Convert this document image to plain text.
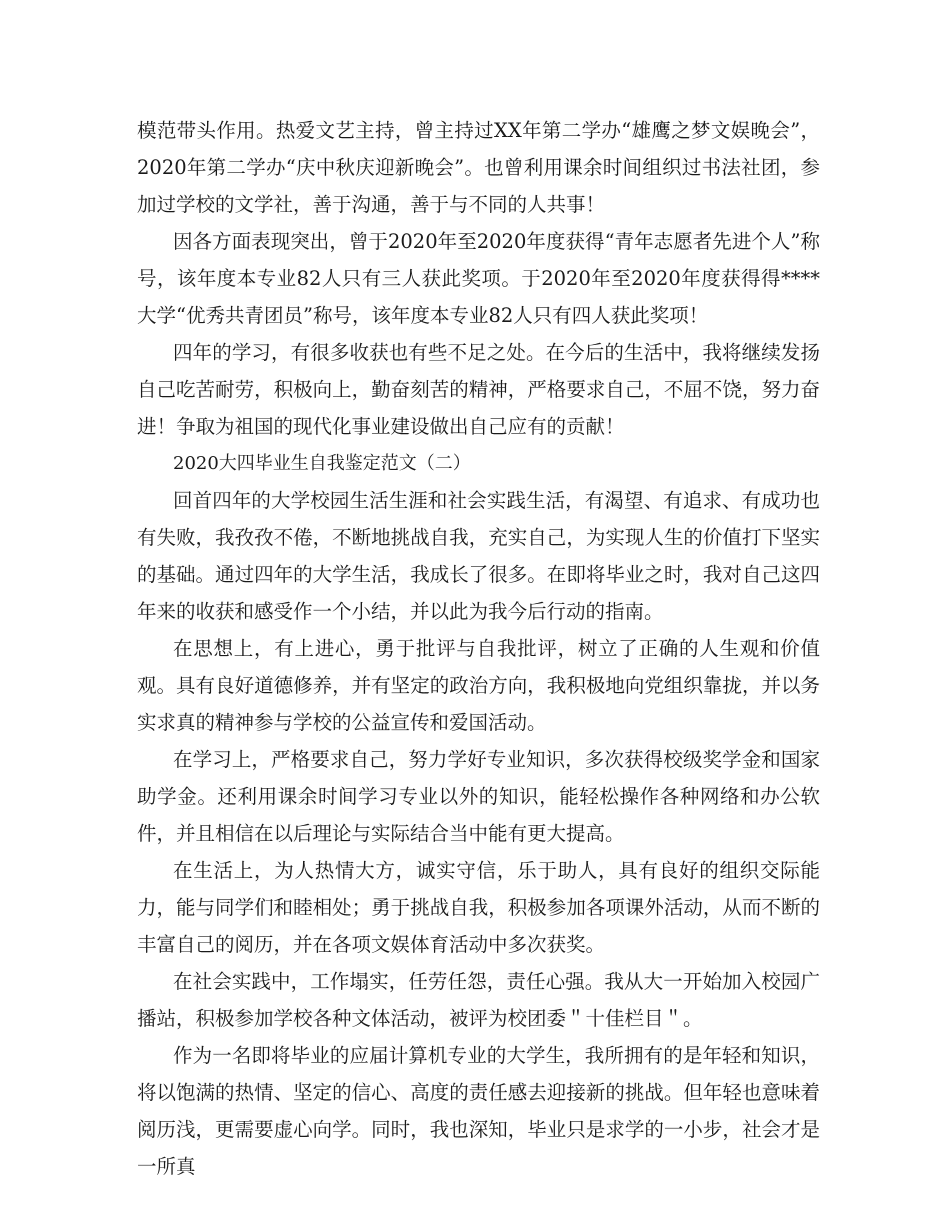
模范带头作用。热爱文艺主持，曾主持过XX年第二学办“雄鹰之梦文娱晚会”，2020年第二学办“庆中秋庆迎新晚会”。也曾利用课余时间组织过书法社团，参加过学校的文学社，善于沟通，善于与不同的人共事！

因各方面表现突出，曾于2020年至2020年度获得“青年志愿者先进个人”称号，该年度本专业82人只有三人获此奖项。于2020年至2020年度获得得****大学“优秀共青团员”称号，该年度本专业82人只有四人获此奖项！

四年的学习，有很多收获也有些不足之处。在今后的生活中，我将继续发扬自己吃苦耐劳，积极向上，勤奋刻苦的精神，严格要求自己，不屈不饶，努力奋进！争取为祖国的现代化事业建设做出自己应有的贡献！

2020大四毕业生自我鉴定范文（二）

回首四年的大学校园生活生涯和社会实践生活，有渴望、有追求、有成功也有失败，我孜孜不倦，不断地挑战自我，充实自己，为实现人生的价值打下坚实的基础。通过四年的大学生活，我成长了很多。在即将毕业之时，我对自己这四年来的收获和感受作一个小结，并以此为我今后行动的指南。

在思想上，有上进心，勇于批评与自我批评，树立了正确的人生观和价值观。具有良好道德修养，并有坚定的政治方向，我积极地向党组织靠拢，并以务实求真的精神参与学校的公益宣传和爱国活动。

在学习上，严格要求自己，努力学好专业知识，多次获得校级奖学金和国家助学金。还利用课余时间学习专业以外的知识，能轻松操作各种网络和办公软件，并且相信在以后理论与实际结合当中能有更大提高。

在生活上，为人热情大方，诚实守信，乐于助人，具有良好的组织交际能力，能与同学们和睦相处；勇于挑战自我，积极参加各项课外活动，从而不断的丰富自己的阅历，并在各项文娱体育活动中多次获奖。

在社会实践中，工作塌实，任劳任怨，责任心强。我从大一开始加入校园广播站，积极参加学校各种文体活动，被评为校团委＂十佳栏目＂。

作为一名即将毕业的应届计算机专业的大学生，我所拥有的是年轻和知识，将以饱满的热情、坚定的信心、高度的责任感去迎接新的挑战。但年轻也意味着阅历浅，更需要虚心向学。同时，我也深知，毕业只是求学的一小步，社会才是一所真
